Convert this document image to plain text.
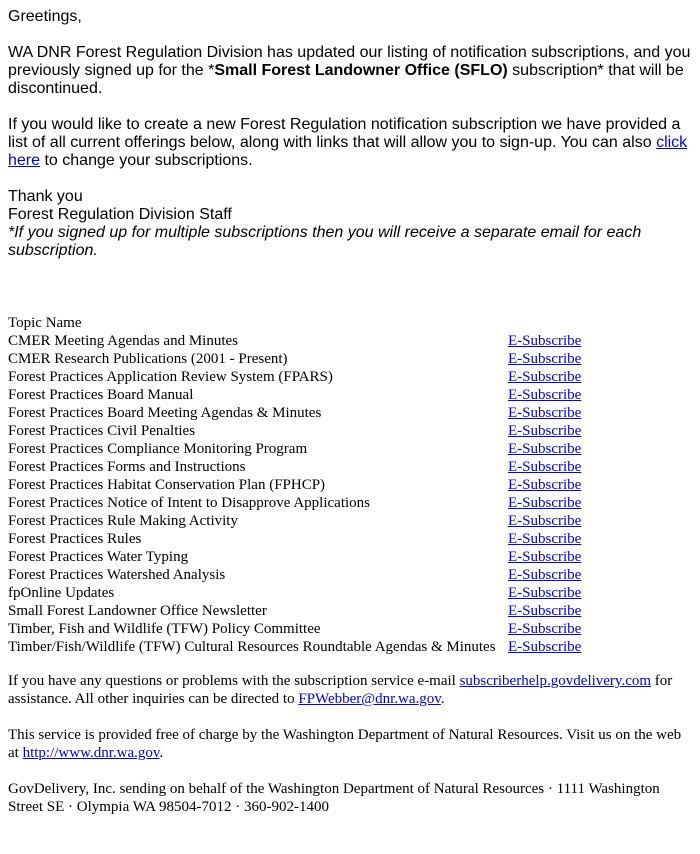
Greetings,

WA DNR Forest Regulation Division has updated our listing of notification subscriptions, and you previously signed up for the *Small Forest Landowner Office (SFLO) subscription* that will be discontinued.

If you would like to create a new Forest Regulation notification subscription we have provided a list of all current offerings below, along with links that will allow you to sign-up. You can also click here to change your subscriptions.

Thank you

Forest Regulation Division Staff

*If you signed up for multiple subscriptions then you will receive a separate email for each subscription.

Topic Name

CMER Meeting Agendas and Minutes	E-Subscribe
CMER Research Publications (2001 - Present)	E-Subscribe
Forest Practices Application Review System (FPARS)	E-Subscribe
Forest Practices Board Manual	E-Subscribe
Forest Practices Board Meeting Agendas & Minutes	E-Subscribe
Forest Practices Civil Penalties	E-Subscribe
Forest Practices Compliance Monitoring Program	E-Subscribe
Forest Practices Forms and Instructions	E-Subscribe
Forest Practices Habitat Conservation Plan (FPHCP)	E-Subscribe
Forest Practices Notice of Intent to Disapprove Applications	E-Subscribe
Forest Practices Rule Making Activity	E-Subscribe
Forest Practices Rules	E-Subscribe
Forest Practices Water Typing	E-Subscribe
Forest Practices Watershed Analysis	E-Subscribe
fpOnline Updates	E-Subscribe
Small Forest Landowner Office Newsletter	E-Subscribe
Timber, Fish and Wildlife (TFW) Policy Committee	E-Subscribe
Timber/Fish/Wildlife (TFW) Cultural Resources Roundtable Agendas & Minutes	E-Subscribe

If you have any questions or problems with the subscription service e-mail subscriberhelp.govdelivery.com for assistance. All other inquiries can be directed to FPWebber@dnr.wa.gov.

This service is provided free of charge by the Washington Department of Natural Resources. Visit us on the web at http://www.dnr.wa.gov.

GovDelivery, Inc. sending on behalf of the Washington Department of Natural Resources · 1111 Washington Street SE · Olympia WA 98504-7012 · 360-902-1400
